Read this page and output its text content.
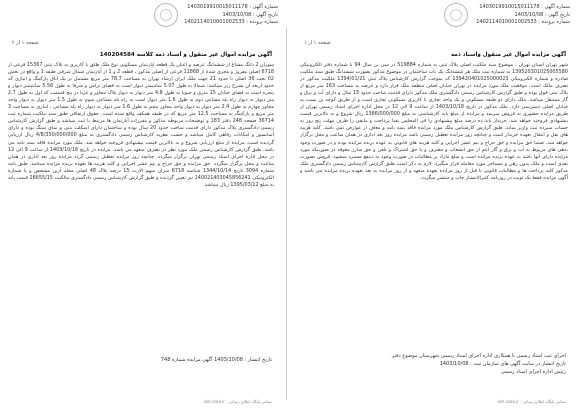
شماره آگهی : 1403019910015011178
تاریخ آگهی : 1403/10/08
شماره پرونده : 1402114010001002533
صفحه ۱ از ۱
آگهی مزایده اموال غیر منقول واسناد ذمه
شهر تهران استان تهران ، موضوع سند ملکیت اصلی پلاک ثبتی به شماره 519884 در سی بن سال 94 با شماره دفتر الکترونیکی 139520301025005580 به شماره ثبت ملک هر ششدانگ یک باب ساختمان در موضوع مذکور بصورت ششدانگ طبق سند ملکیت صادره و شماره الکترونیکی 139420401025000023 که بموجب گزارش کارشناس پلاک ثبتی 1394/01/21 ملکیت مذکور در تصرف مالک است. موقعیت ملک مورد مزایده در تهران خیابان اصلی منطقه ملک قرار دارد و عرصه به مساحت 163 متر مربع از پلاک ثبتی فوق بوده و طبق گزارش کارشناس رسمی دادگستری ملک مذکور دارای قدمت ساخت حدود 15 سال و دارای آب و برق و گاز مستقل میباشد. ملک دارای دو طبقه مسکونی و یک واحد تجاری با کاربری مسکونی تجاری است و از طریق کوچه بن بست به خیابان اصلی دسترسی دارد. ملک مذکور در تاریخ 1403/10/18 از ساعت 9 الی 12 در محل اداره اجرای اسناد رسمی تهران از طریق مزایده حضوری به فروش میرسد و مزایده از مبلغ پایه کارشناسی به مبلغ 1386/000/000 ریال شروع و به بالاترین قیمت پیشنهادی فروخته خواهد شد. خریدار باید ده درصد مبلغ پیشنهادی را فی المجلس نقدا پرداخت و مابقی را ظرف مهلت پنج روز به حساب سپرده ثبت واریز نماید. طبق گزارش کارشناس ملک مورد مزایده فاقد بیمه نامه و معاف از عوارض نمی باشد. کلیه هزینه های نقل و انتقال بعهده خریدار است و چنانچه روز مزایده تعطیل رسمی باشد مزایده روز بعد اداری در همان ساعت و محل برگزار خواهد شد. ضمنا حق مزایده و حق حراج و نیم عشر اجرایی و کلیه هزینه های قانونی به عهده برنده مزایده بوده و در صورت وجود بدهی های مربوط به آب و برق و گاز اعم از حق انشعاب و مصرف و یا حق اشتراک و تلفن و حق شارژ معوقه در صورتیکه مورد مزایده دارای آنها باشد به عهده برنده مزایده است و مبلغ مازاد بر مطالبات در صورت وجود به ذینفع مسترد میشود. فروش بصورت نقدی است و ملک بدون رهن و مستاجر مورد معامله قرار میگیرد. لازم به ذکر است طبق گزارش کارشناس رسمی دادگستری ملک مذکور کلیه پرداخت ها و مطالبات قانونی تا قبل از روز مزایده بعهده متعهد و از روز مزایده به بعد بعهده برنده مزایده می باشد و آگهی مزایده فقط یک نوبت در روزنامه کثیرالانتشار چاپ و منتشر میگردد.
اجرای ثبت اسناد رسمی با همکاری اداره اجرای اسناد رسمی شهرستان موضوع دفتر
تاریخ انتشار در سایت آگهی های سازمان ثبت : 1403/10/08
رئیس اداره اجرای اسناد رسمی
نشانی پایگاه اطلاع رسانی : ads.ssaa.ir
شماره آگهی : 1403019910015011178
تاریخ آگهی : 1403/10/08
شماره پرونده : 1402114010001002533
صفحه ۱ از ۲
آگهی مزایده اموال غیر منقول و اسناد ذمه کلاسه 140204584
سوران 2 دانگ مشاع از ششدانگ عرصه و اعیان یک قطعه آپارتمان مسکونی نوع ملک طلق با کاربری به پلاک ثبتی 15367 فرعی از 6718 اصلی مفروز و مجزی شده از 11868 فرعی از اصلی مذکور ، قطعه 2 و 1 از آپارتمان شمال شرقی طبقه 1 و واقع در بخش 02 تحت 36 اصلی با حدود 21 جهت ملک ایران ارشاد تهران به مساحت 78.7 متر مربع مشتمل بر یک اتاق پارکینگ و انباری که حدود اربعه آن بشرح زیر میباشد: شمالا به طول 5.07 سانتیمتر دیوار است به فضای تراس و شرقا به طول 5.56 سانتیمتر دیوار و پنجره است به فضای خیابان 15 متری و جنوبا به طول 4.8 متر دیوار به دیوار پلاک مجاور و غربا در پنج قسمت که اول به طول 2.7 متر دیوار به دیوار راه پله مشاعی دوم به طول 1.6 متر دیوار است به راه پله مشاعی سوم به طول 1.5 متر دیوار به دیوار واحد مجاور چهارم به طول 2.4 متر دیوار به دیوار واحد مجاور پنجم به طول 1.6 متر دیوار به دیوار راه پله مشاعی ، انباری به مساحت 3 متر مربع و پارکینگ به مساحت 12.5 متر مربع که در طبقه همکف واقع شده است. حقوق ارتفاقی طبق سند ملکیت شماره ثبت 36714 صفحه 248 دفتر 183 و توضیحات مربوطه مذکور و مقررات آپارتمان ها مرتبط با ثبت میباشد و طبق گزارش کارشناس رسمی دادگستری پلاک مذکور دارای قدمت ساخت حدود 20 سال بوده و ساختمان دارای اسکلت بتنی و نمای سنگ بوده و دارای آسانسور و امکانات رفاهی کامل میباشد و حسب نظریه کارشناس رسمی دادگستری به مبلغ 4/8/350/000/000 ریال ارزیابی گردیده است. مزایده از مبلغ ارزیابی شروع و به بالاترین قیمت پیشنهادی فروخته خواهد شد. ملک مورد مزایده فاقد بیمه نامه می باشد. طبق گزارش کارشناس رسمی ملک مورد نظر در تصرف متعهد می باشد. مزایده در تاریخ 1403/10/18 از ساعت 9 الی 12 در محل اداره اجرای اسناد رسمی تهران برگزار میگردد. چنانچه روز مزایده تعطیل رسمی گردد مزایده روز بعد اداری در همان ساعت و محل برگزار میگردد. حق مزایده و حق حراج و نیم عشر اجرایی و کلیه هزینه ها بعهده برنده مزایده میباشد. طبق نامه شماره 3094 تاریخ 1344/10/14 شناسه 6718 میزان سهم الارث 15 درصد پلاک 48 اصلی محله آرین مشخص و با شماره الکترونیکی 140021403045856241 نیز تعیین گردیده و طبق گزارش کارشناس رسمی دادگستری مالکیت 26655/15 قیمت پایه به مبلغ 1395/03/12 ریال میباشد.
تاریخ انتشار : 1403/10/08 آگهی مزایده شماره 748
نشانی پایگاه اطلاع رسانی : ads.ssaa.ir
